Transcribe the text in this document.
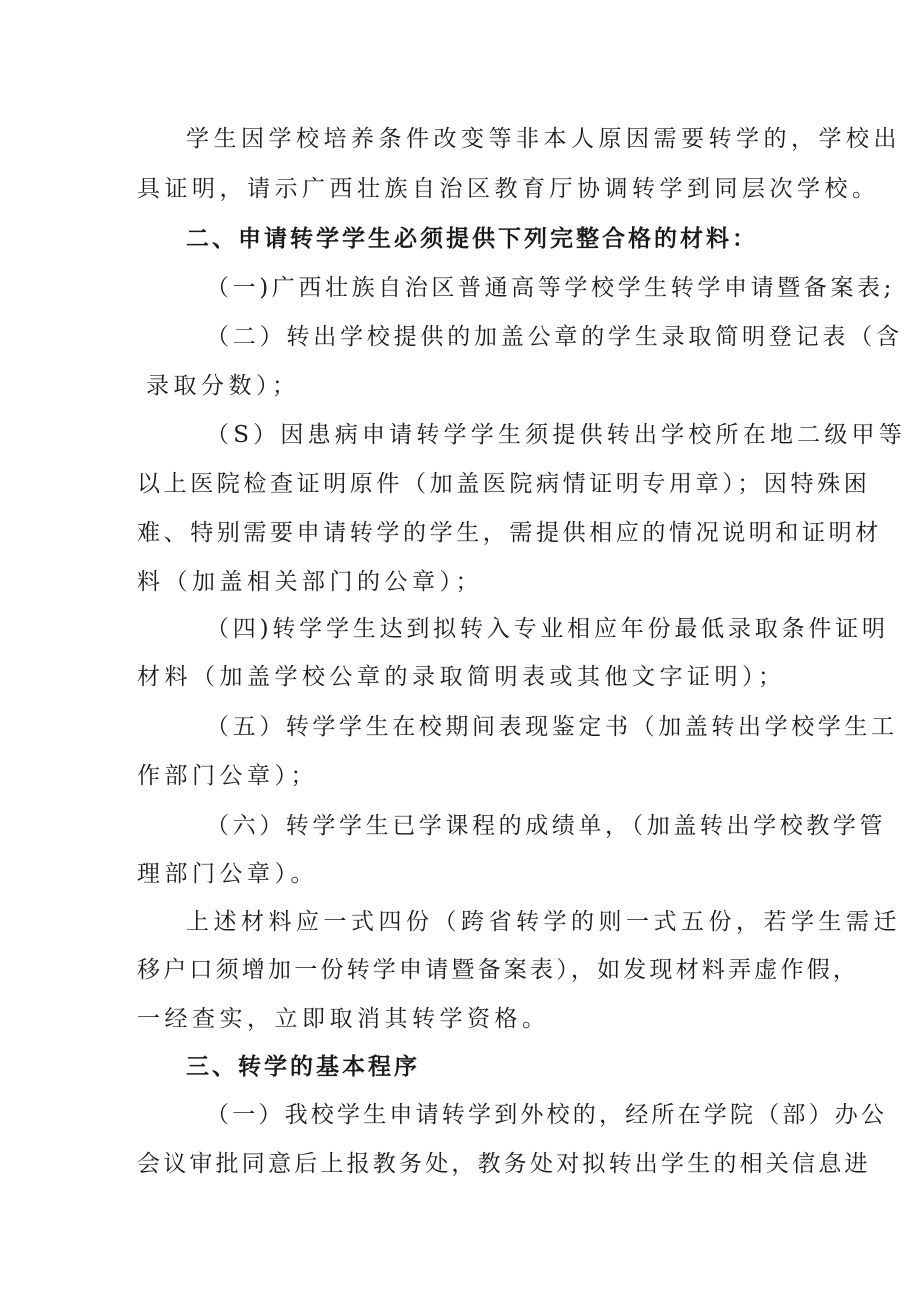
学生因学校培养条件改变等非本人原因需要转学的，学校出
具证明，请示广西壮族自治区教育厅协调转学到同层次学校。
二、申请转学学生必须提供下列完整合格的材料：
（一)广西壮族自治区普通高等学校学生转学申请暨备案表;
（二）转出学校提供的加盖公章的学生录取简明登记表（含
录取分数）；
（S）因患病申请转学学生须提供转出学校所在地二级甲等
以上医院检查证明原件（加盖医院病情证明专用章）；因特殊困
难、特别需要申请转学的学生，需提供相应的情况说明和证明材
料（加盖相关部门的公章）；
（四)转学学生达到拟转入专业相应年份最低录取条件证明
材料（加盖学校公章的录取简明表或其他文字证明）；
（五）转学学生在校期间表现鉴定书（加盖转出学校学生工
作部门公章）；
（六）转学学生已学课程的成绩单，（加盖转出学校教学管
理部门公章）。
上述材料应一式四份（跨省转学的则一式五份，若学生需迁
移户口须增加一份转学申请暨备案表），如发现材料弄虚作假，
一经查实，立即取消其转学资格。
三、转学的基本程序
（一）我校学生申请转学到外校的，经所在学院（部）办公
会议审批同意后上报教务处，教务处对拟转出学生的相关信息进
